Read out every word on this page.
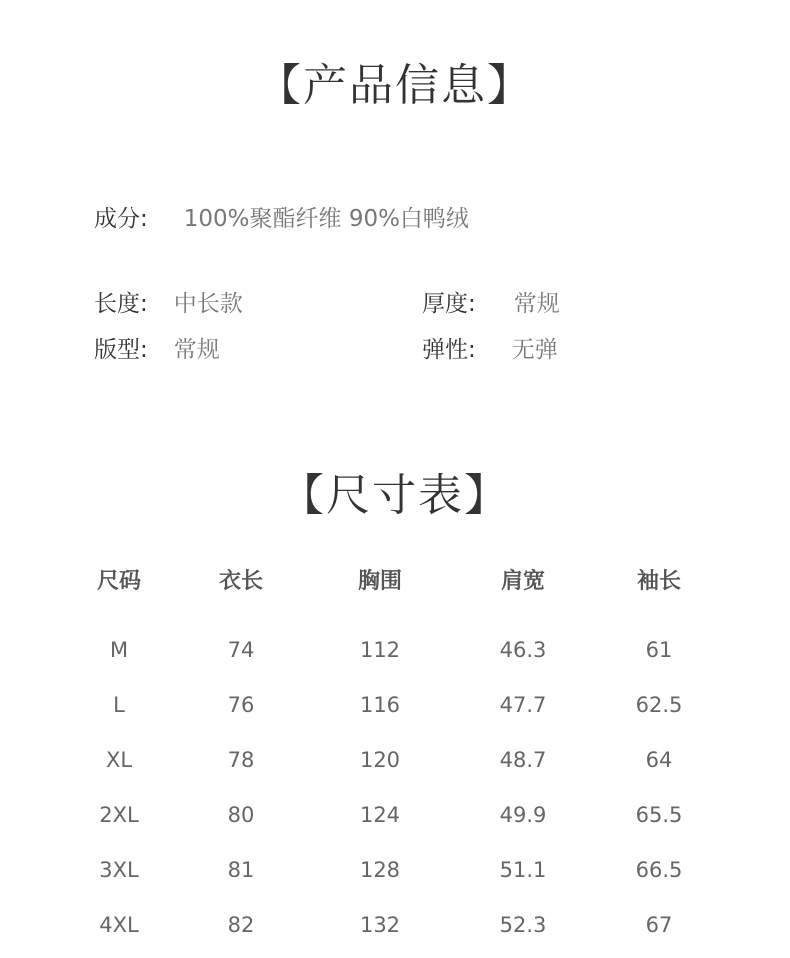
【产品信息】
成分: 100%聚酯纤维 90%白鸭绒
长度: 中长款	厚度: 常规
版型: 常规	弹性: 无弹
【尺寸表】
尺码	衣长	胸围	肩宽	袖长
M	74	112	46.3	61
L	76	116	47.7	62.5
XL	78	120	48.7	64
2XL	80	124	49.9	65.5
3XL	81	128	51.1	66.5
4XL	82	132	52.3	67
